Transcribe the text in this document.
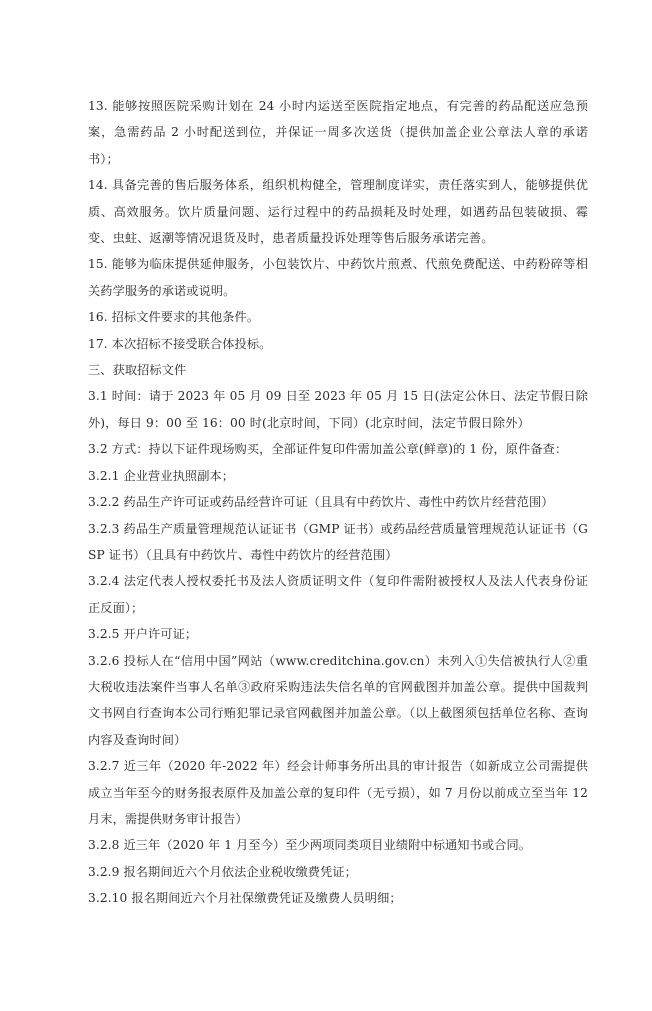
13. 能够按照医院采购计划在 24 小时内运送至医院指定地点，有完善的药品配送应急预案，急需药品 2 小时配送到位，并保证一周多次送货（提供加盖企业公章法人章的承诺书）；

14. 具备完善的售后服务体系，组织机构健全，管理制度详实，责任落实到人，能够提供优质、高效服务。饮片质量问题、运行过程中的药品损耗及时处理，如遇药品包装破损、霉变、虫蛀、返潮等情况退货及时，患者质量投诉处理等售后服务承诺完善。

15. 能够为临床提供延伸服务，小包装饮片、中药饮片煎煮、代煎免费配送、中药粉碎等相关药学服务的承诺或说明。

16. 招标文件要求的其他条件。

17. 本次招标不接受联合体投标。

三、获取招标文件

3.1 时间：请于 2023 年 05 月 09 日至 2023 年 05 月 15 日(法定公休日、法定节假日除外)，每日 9：00 至 16：00 时(北京时间，下同）(北京时间，法定节假日除外）

3.2 方式：持以下证件现场购买，全部证件复印件需加盖公章(鲜章)的 1 份，原件备查：

3.2.1 企业营业执照副本；

3.2.2 药品生产许可证或药品经营许可证（且具有中药饮片、毒性中药饮片经营范围）

3.2.3 药品生产质量管理规范认证证书（GMP 证书）或药品经营质量管理规范认证证书（GSP 证书）（且具有中药饮片、毒性中药饮片的经营范围）

3.2.4 法定代表人授权委托书及法人资质证明文件（复印件需附被授权人及法人代表身份证正反面）；

3.2.5 开户许可证；

3.2.6 投标人在“信用中国”网站（www.creditchina.gov.cn）未列入①失信被执行人②重大税收违法案件当事人名单③政府采购违法失信名单的官网截图并加盖公章。提供中国裁判文书网自行查询本公司行贿犯罪记录官网截图并加盖公章。（以上截图须包括单位名称、查询内容及查询时间）

3.2.7 近三年（2020 年-2022 年）经会计师事务所出具的审计报告（如新成立公司需提供成立当年至今的财务报表原件及加盖公章的复印件（无亏损），如 7 月份以前成立至当年 12 月末，需提供财务审计报告）

3.2.8 近三年（2020 年 1 月至今）至少两项同类项目业绩附中标通知书或合同。

3.2.9 报名期间近六个月依法企业税收缴费凭证；

3.2.10 报名期间近六个月社保缴费凭证及缴费人员明细；
